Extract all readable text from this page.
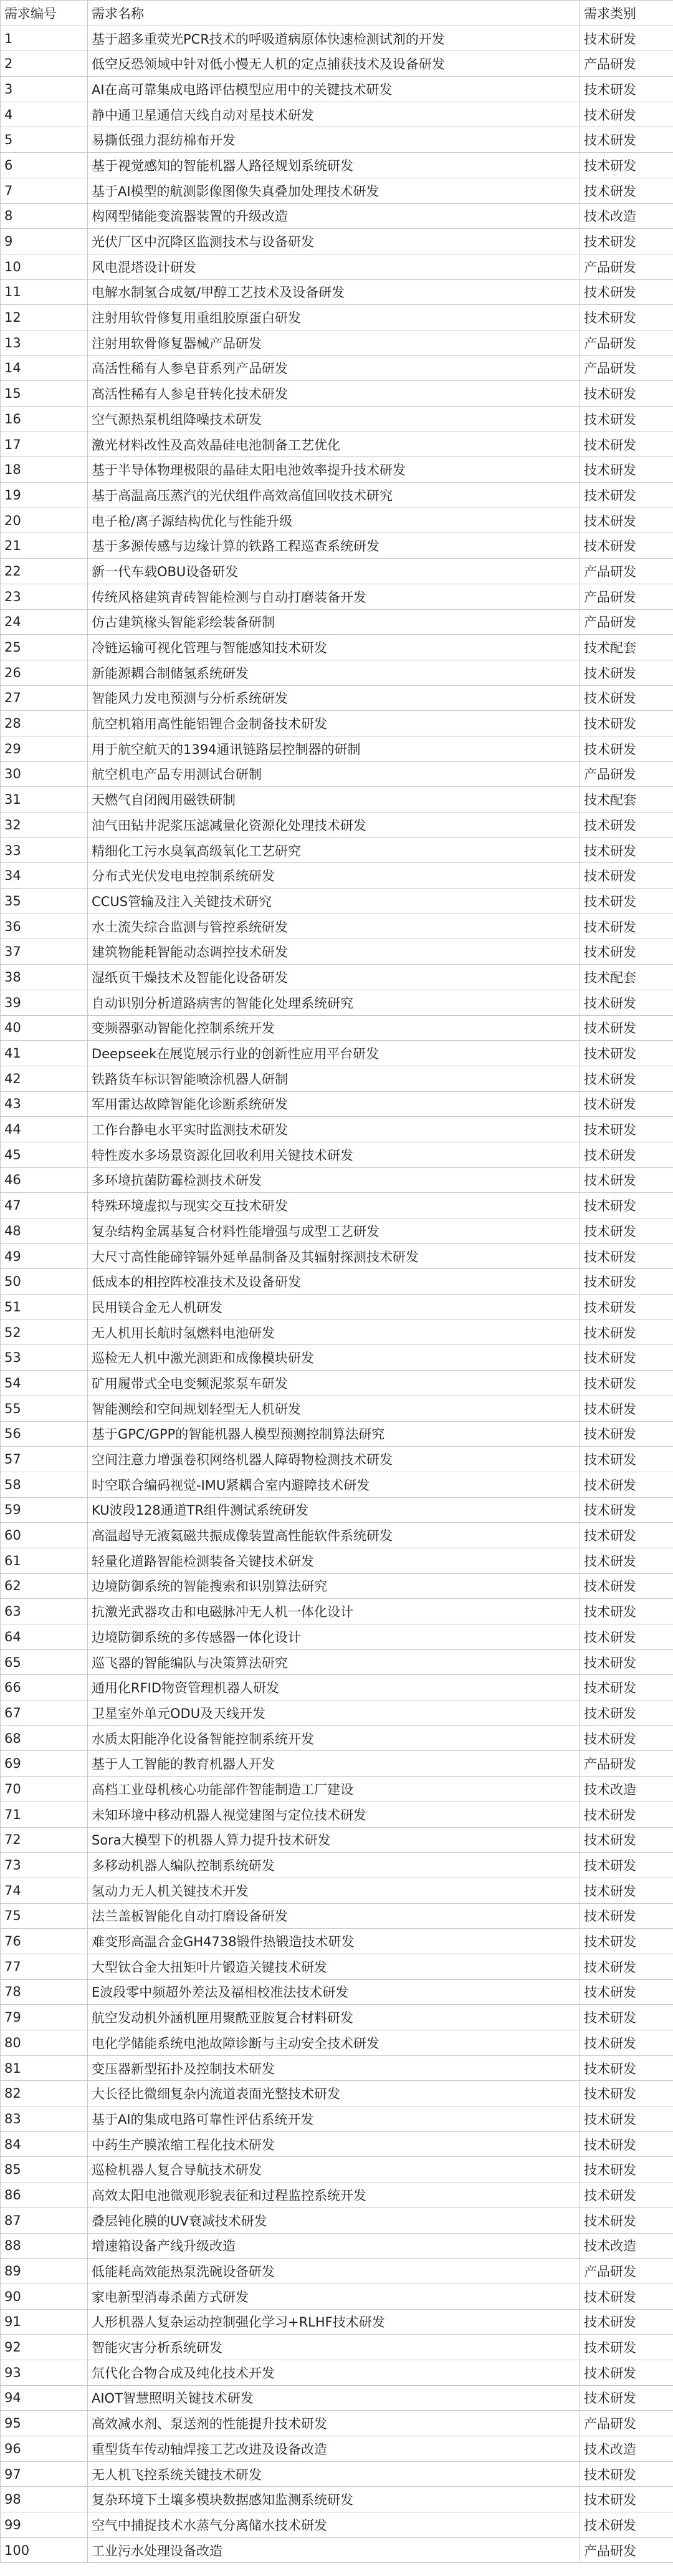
需求编号	需求名称	需求类别
1	基于超多重荧光PCR技术的呼吸道病原体快速检测试剂的开发	技术研发
2	低空反恐领域中针对低小慢无人机的定点捕获技术及设备研发	产品研发
3	AI在高可靠集成电路评估模型应用中的关键技术研发	技术研发
4	静中通卫星通信天线自动对星技术研发	技术研发
5	易撕低强力混纺棉布开发	技术研发
6	基于视觉感知的智能机器人路径规划系统研发	技术研发
7	基于AI模型的航测影像图像失真叠加处理技术研发	技术研发
8	构网型储能变流器装置的升级改造	技术改造
9	光伏厂区中沉降区监测技术与设备研发	技术研发
10	风电混塔设计研发	产品研发
11	电解水制氢合成氨/甲醇工艺技术及设备研发	技术研发
12	注射用软骨修复用重组胶原蛋白研发	技术研发
13	注射用软骨修复器械产品研发	产品研发
14	高活性稀有人参皂苷系列产品研发	产品研发
15	高活性稀有人参皂苷转化技术研发	技术研发
16	空气源热泵机组降噪技术研发	技术研发
17	激光材料改性及高效晶硅电池制备工艺优化	技术研发
18	基于半导体物理极限的晶硅太阳电池效率提升技术研发	技术研发
19	基于高温高压蒸汽的光伏组件高效高值回收技术研究	技术研发
20	电子枪/离子源结构优化与性能升级	技术研发
21	基于多源传感与边缘计算的铁路工程巡查系统研发	技术研发
22	新一代车载OBU设备研发	产品研发
23	传统风格建筑青砖智能检测与自动打磨装备开发	产品研发
24	仿古建筑椽头智能彩绘装备研制	产品研发
25	冷链运输可视化管理与智能感知技术研发	技术配套
26	新能源耦合制储氢系统研发	技术研发
27	智能风力发电预测与分析系统研发	技术研发
28	航空机箱用高性能铝锂合金制备技术研发	技术研发
29	用于航空航天的1394通讯链路层控制器的研制	技术研发
30	航空机电产品专用测试台研制	产品研发
31	天燃气自闭阀用磁铁研制	技术配套
32	油气田钻井泥浆压滤减量化资源化处理技术研发	技术研发
33	精细化工污水臭氧高级氧化工艺研究	技术研发
34	分布式光伏发电电控制系统研发	技术研发
35	CCUS管输及注入关键技术研究	技术研发
36	水土流失综合监测与管控系统研发	技术研发
37	建筑物能耗智能动态调控技术研发	技术研发
38	湿纸页干燥技术及智能化设备研发	技术配套
39	自动识别分析道路病害的智能化处理系统研究	技术研发
40	变频器驱动智能化控制系统开发	技术研发
41	Deepseek在展览展示行业的创新性应用平台研发	技术研发
42	铁路货车标识智能喷涂机器人研制	技术研发
43	军用雷达故障智能化诊断系统研发	技术研发
44	工作台静电水平实时监测技术研发	技术研发
45	特性废水多场景资源化回收利用关键技术研发	技术研发
46	多环境抗菌防霉检测技术研发	技术研发
47	特殊环境虚拟与现实交互技术研发	技术研发
48	复杂结构金属基复合材料性能增强与成型工艺研发	技术研发
49	大尺寸高性能碲锌镉外延单晶制备及其辐射探测技术研发	技术研发
50	低成本的相控阵校准技术及设备研发	技术研发
51	民用镁合金无人机研发	技术研发
52	无人机用长航时氢燃料电池研发	技术研发
53	巡检无人机中激光测距和成像模块研发	技术研发
54	矿用履带式全电变频泥浆泵车研发	技术研发
55	智能测绘和空间规划轻型无人机研发	技术研发
56	基于GPC/GPP的智能机器人模型预测控制算法研究	技术研发
57	空间注意力增强卷积网络机器人障碍物检测技术研发	技术研发
58	时空联合编码视觉-IMU紧耦合室内避障技术研发	技术研发
59	KU波段128通道TR组件测试系统研发	技术研发
60	高温超导无液氦磁共振成像装置高性能软件系统研发	技术研发
61	轻量化道路智能检测装备关键技术研发	技术研发
62	边境防御系统的智能搜索和识别算法研究	技术研发
63	抗激光武器攻击和电磁脉冲无人机一体化设计	技术研发
64	边境防御系统的多传感器一体化设计	技术研发
65	巡飞器的智能编队与决策算法研究	技术研发
66	通用化RFID物资管理机器人研发	技术研发
67	卫星室外单元ODU及天线开发	技术研发
68	水质太阳能净化设备智能控制系统开发	技术研发
69	基于人工智能的教育机器人开发	产品研发
70	高档工业母机核心功能部件智能制造工厂建设	技术改造
71	未知环境中移动机器人视觉建图与定位技术研发	技术研发
72	Sora大模型下的机器人算力提升技术研发	技术研发
73	多移动机器人编队控制系统研发	技术研发
74	氢动力无人机关键技术开发	技术研发
75	法兰盖板智能化自动打磨设备研发	技术研发
76	难变形高温合金GH4738锻件热锻造技术研发	技术研发
77	大型钛合金大扭矩叶片锻造关键技术研发	技术研发
78	E波段零中频超外差法及福相校准法技术研发	技术研发
79	航空发动机外涵机匣用聚酰亚胺复合材料研发	技术研发
80	电化学储能系统电池故障诊断与主动安全技术研发	技术研发
81	变压器新型拓扑及控制技术研发	技术研发
82	大长径比微细复杂内流道表面光整技术研发	技术研发
83	基于AI的集成电路可靠性评估系统开发	技术研发
84	中药生产膜浓缩工程化技术研发	技术研发
85	巡检机器人复合导航技术研发	技术研发
86	高效太阳电池微观形貌表征和过程监控系统开发	技术研发
87	叠层钝化膜的UV衰减技术研发	技术研发
88	增速箱设备产线升级改造	技术改造
89	低能耗高效能热泵洗碗设备研发	产品研发
90	家电新型消毒杀菌方式研发	技术研发
91	人形机器人复杂运动控制强化学习+RLHF技术研发	技术研发
92	智能灾害分析系统研发	技术研发
93	氘代化合物合成及纯化技术开发	技术研发
94	AIOT智慧照明关键技术研发	技术研发
95	高效减水剂、泵送剂的性能提升技术研发	产品研发
96	重型货车传动轴焊接工艺改进及设备改造	技术改造
97	无人机飞控系统关键技术研发	技术研发
98	复杂环境下土壤多模块数据感知监测系统研发	技术研发
99	空气中捕捉技术水蒸气分离储水技术研发	技术研发
100	工业污水处理设备改造	产品研发
